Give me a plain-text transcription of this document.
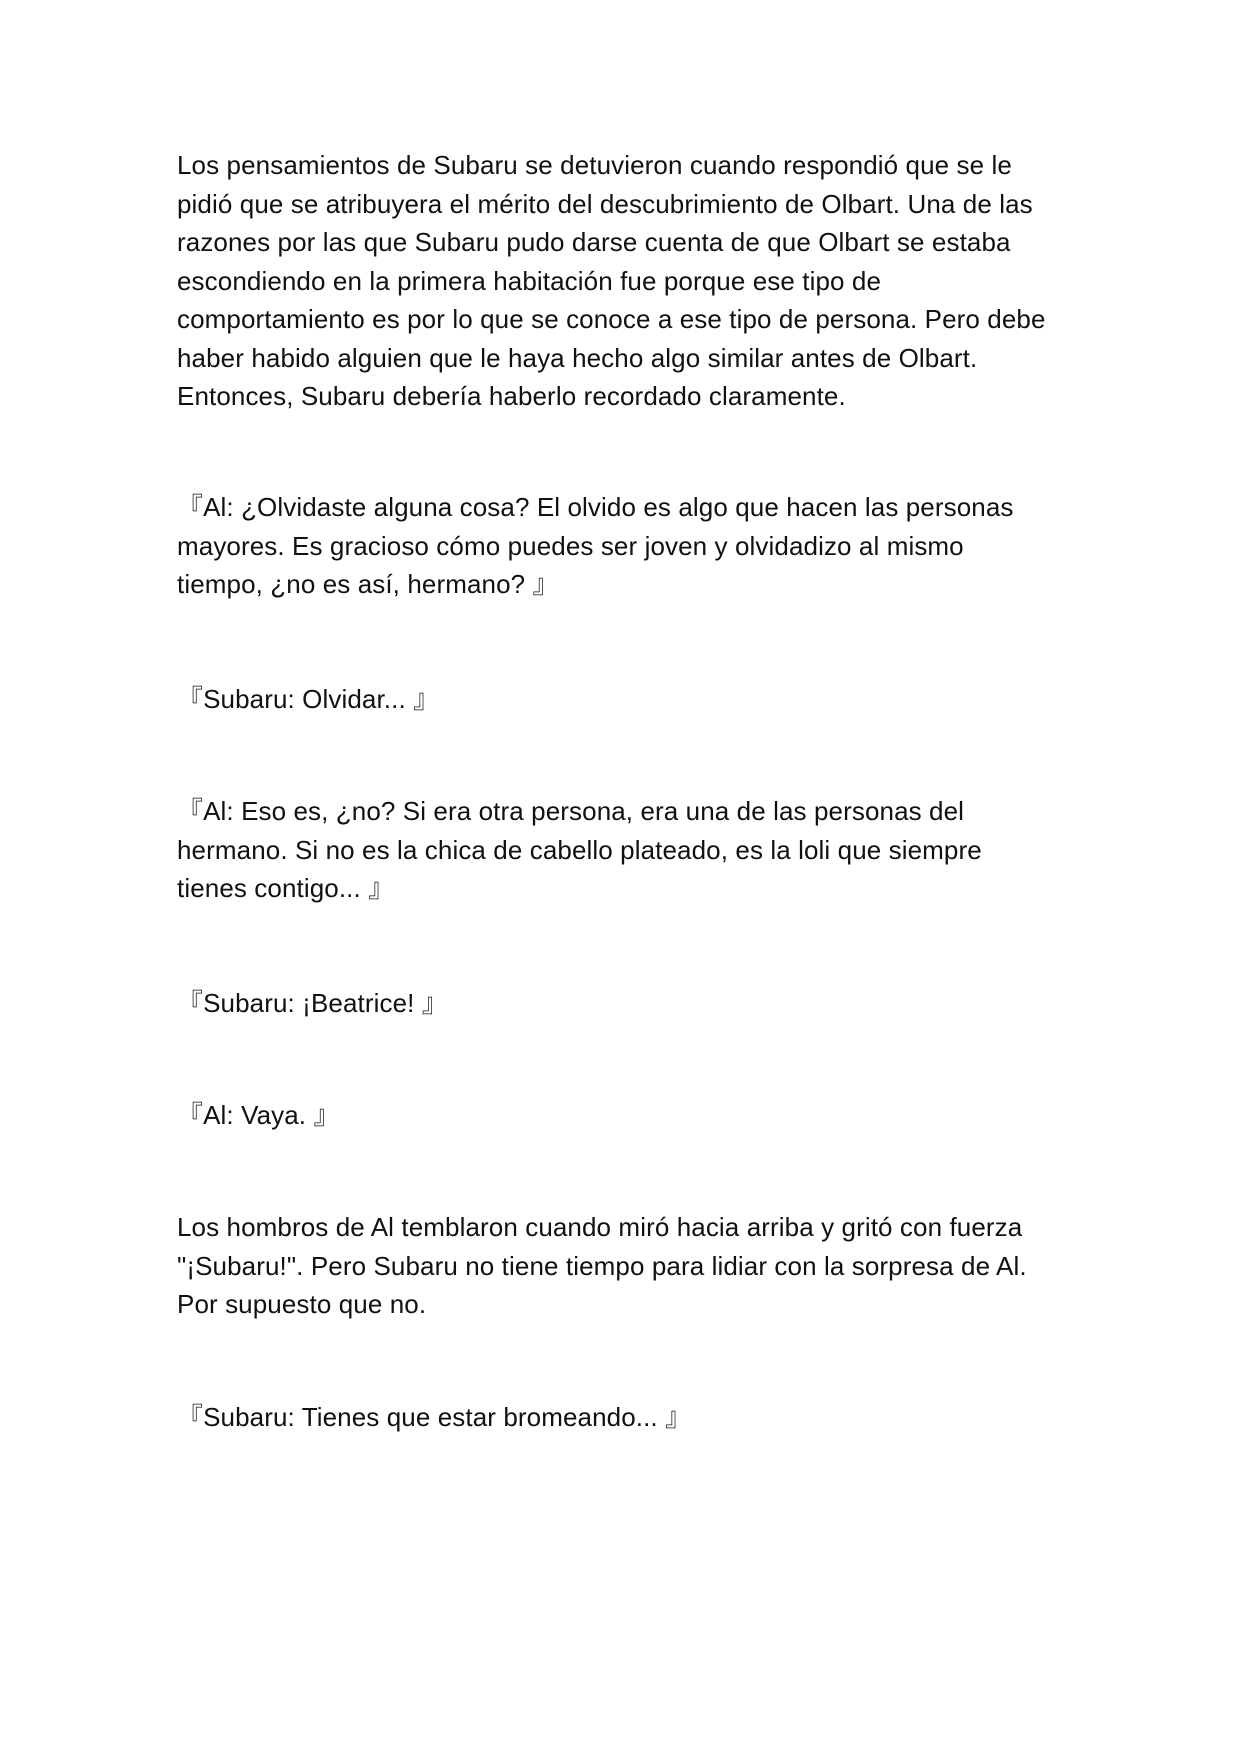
Los pensamientos de Subaru se detuvieron cuando respondió que se le
pidió que se atribuyera el mérito del descubrimiento de Olbart. Una de las
razones por las que Subaru pudo darse cuenta de que Olbart se estaba
escondiendo en la primera habitación fue porque ese tipo de
comportamiento es por lo que se conoce a ese tipo de persona. Pero debe
haber habido alguien que le haya hecho algo similar antes de Olbart.
Entonces, Subaru debería haberlo recordado claramente.

『Al: ¿Olvidaste alguna cosa? El olvido es algo que hacen las personas
mayores. Es gracioso cómo puedes ser joven y olvidadizo al mismo
tiempo, ¿no es así, hermano? 』

『Subaru: Olvidar... 』

『Al: Eso es, ¿no? Si era otra persona, era una de las personas del
hermano. Si no es la chica de cabello plateado, es la loli que siempre
tienes contigo... 』

『Subaru: ¡Beatrice! 』

『Al: Vaya. 』

Los hombros de Al temblaron cuando miró hacia arriba y gritó con fuerza
"¡Subaru!". Pero Subaru no tiene tiempo para lidiar con la sorpresa de Al.
Por supuesto que no.

『Subaru: Tienes que estar bromeando... 』
